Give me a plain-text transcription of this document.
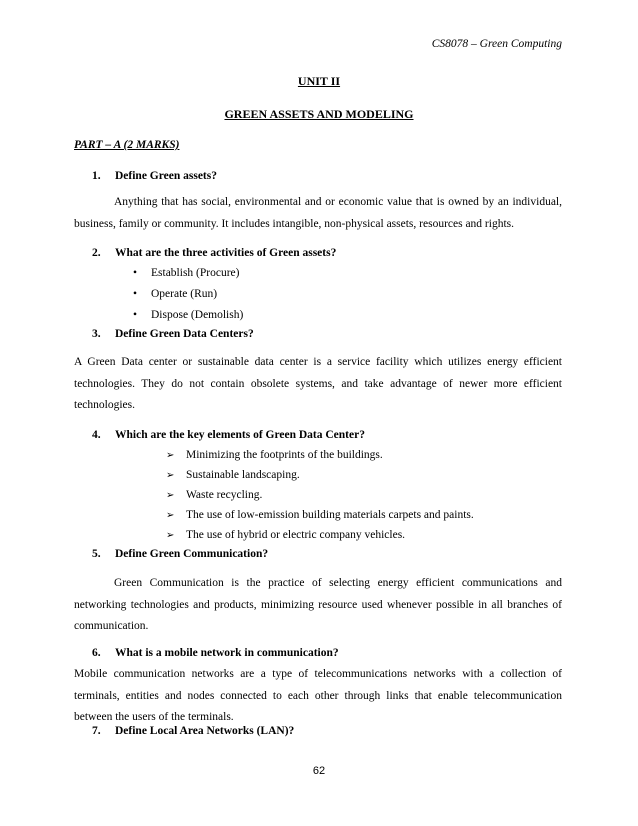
CS8078 – Green Computing
UNIT II
GREEN ASSETS AND MODELING
PART – A (2 MARKS)
1. Define Green assets?
Anything that has social, environmental and or economic value that is owned by an individual, business, family or community. It includes intangible, non-physical assets, resources and rights.
2. What are the three activities of Green assets?
• Establish (Procure)
• Operate (Run)
• Dispose (Demolish)
3. Define Green Data Centers?
A Green Data center or sustainable data center is a service facility which utilizes energy efficient technologies. They do not contain obsolete systems, and take advantage of newer more efficient technologies.
4. Which are the key elements of Green Data Center?
➢ Minimizing the footprints of the buildings.
➢ Sustainable landscaping.
➢ Waste recycling.
➢ The use of low-emission building materials carpets and paints.
➢ The use of hybrid or electric company vehicles.
5. Define Green Communication?
Green Communication is the practice of selecting energy efficient communications and networking technologies and products, minimizing resource used whenever possible in all branches of communication.
6. What is a mobile network in communication?
Mobile communication networks are a type of telecommunications networks with a collection of terminals, entities and nodes connected to each other through links that enable telecommunication between the users of the terminals.
7. Define Local Area Networks (LAN)?
62
